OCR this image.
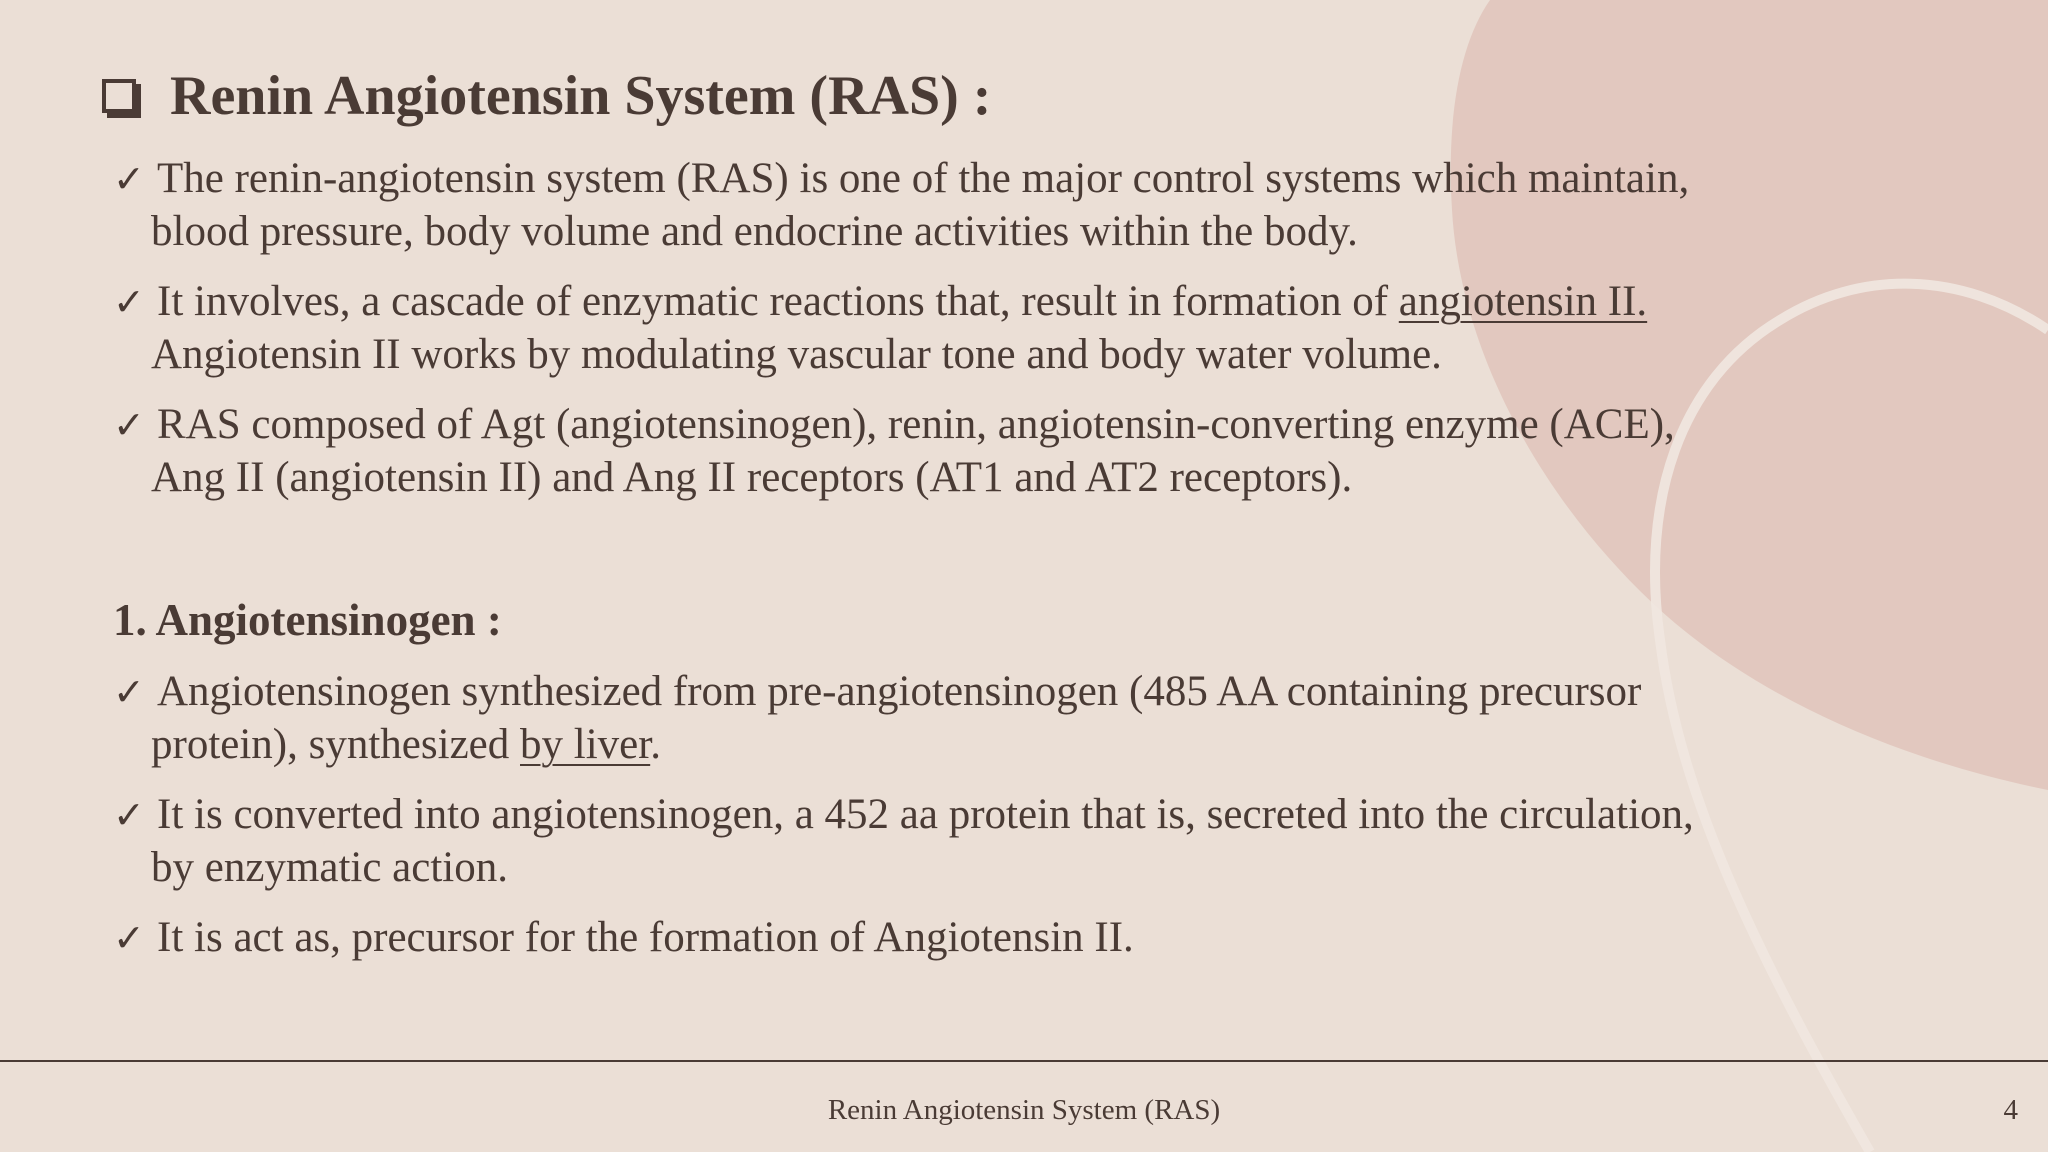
Renin Angiotensin System (RAS) :
✓ The renin-angiotensin system (RAS) is one of the major control systems which maintain,
blood pressure, body volume and endocrine activities within the body.
✓ It involves, a cascade of enzymatic reactions that, result in formation of angiotensin II.
Angiotensin II works by modulating vascular tone and body water volume.
✓ RAS composed of Agt (angiotensinogen), renin, angiotensin-converting enzyme (ACE),
Ang II (angiotensin II) and Ang II receptors (AT1 and AT2 receptors).
1. Angiotensinogen :
✓ Angiotensinogen synthesized from pre-angiotensinogen (485 AA containing precursor
protein), synthesized by liver.
✓ It is converted into angiotensinogen, a 452 aa protein that is, secreted into the circulation,
by enzymatic action.
✓ It is act as, precursor for the formation of Angiotensin II.
Renin Angiotensin System (RAS)	4
